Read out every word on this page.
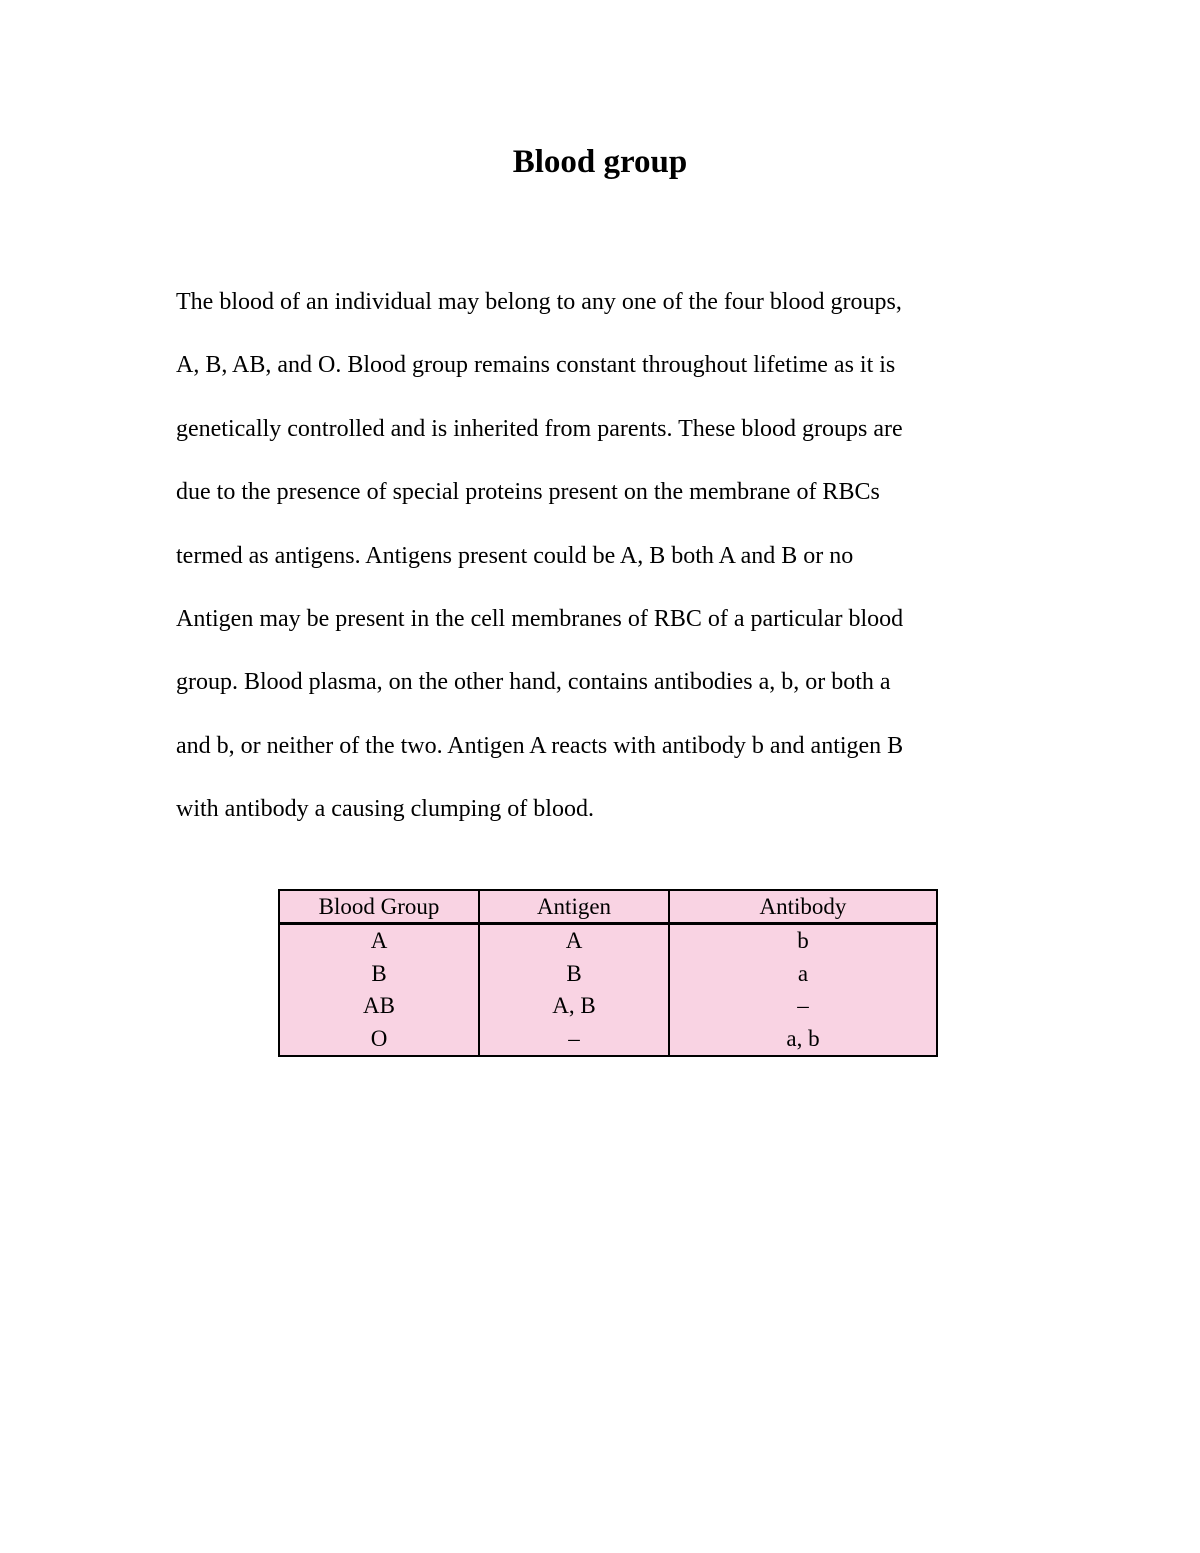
Blood group
The blood of an individual may belong to any one of the four blood groups,
A, B, AB, and O. Blood group remains constant throughout lifetime as it is
genetically controlled and is inherited from parents. These blood groups are
due to the presence of special proteins present on the membrane of RBCs
termed as antigens. Antigens present could be A, B both A and B or no
Antigen may be present in the cell membranes of RBC of a particular blood
group. Blood plasma, on the other hand, contains antibodies a, b, or both a
and b, or neither of the two. Antigen A reacts with antibody b and antigen B
with antibody a causing clumping of blood.
Blood Group	Antigen	Antibody
A	A	b
B	B	a
AB	A, B	–
O	–	a, b
